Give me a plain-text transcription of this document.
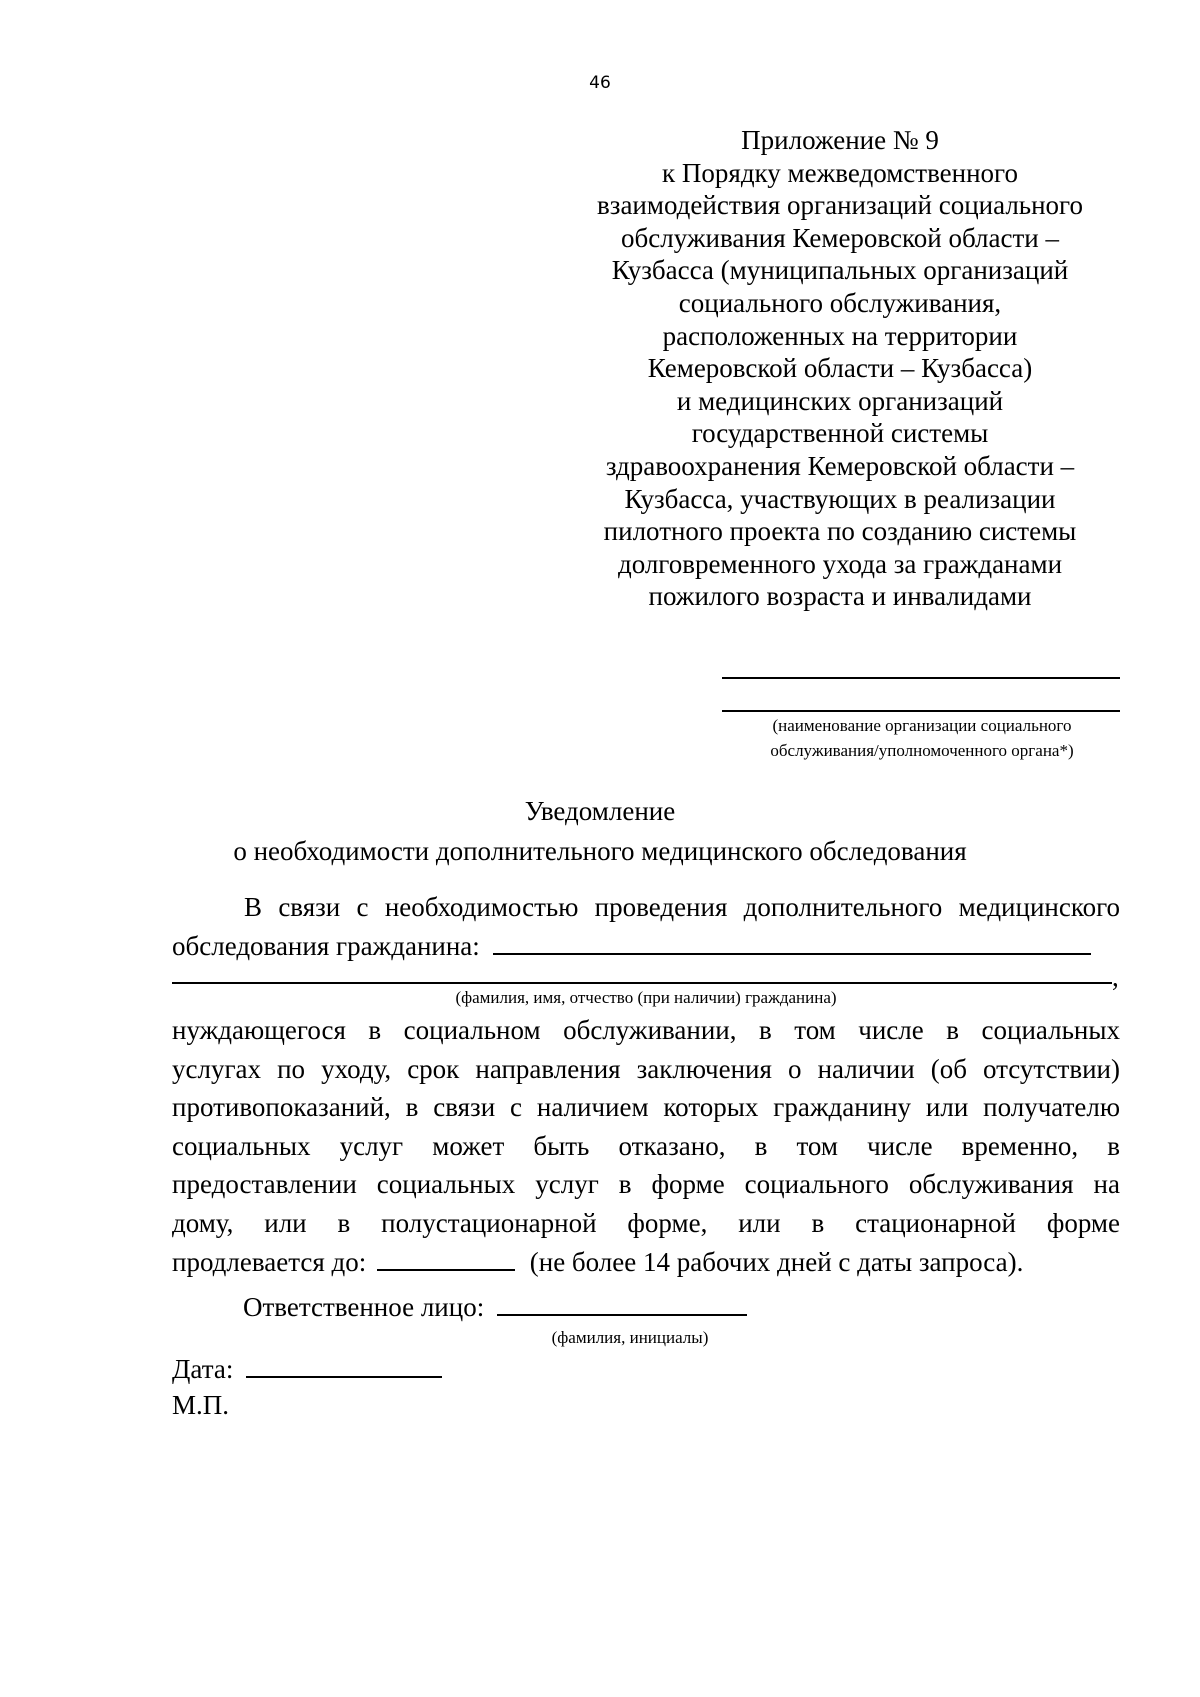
46
Приложение № 9
к Порядку межведомственного
взаимодействия организаций социального
обслуживания Кемеровской области –
Кузбасса (муниципальных организаций
социального обслуживания,
расположенных на территории
Кемеровской области – Кузбасса)
и медицинских организаций
государственной системы
здравоохранения Кемеровской области –
Кузбасса, участвующих в реализации
пилотного проекта по созданию системы
долговременного ухода за гражданами
пожилого возраста и инвалидами
(наименование организации социального
обслуживания/уполномоченного органа*)
Уведомление
о необходимости дополнительного медицинского обследования
В связи с необходимостью проведения дополнительного медицинского
обследования гражданина:
,
(фамилия, имя, отчество (при наличии) гражданина)
нуждающегося в социальном обслуживании, в том числе в социальных
услугах по уходу, срок направления заключения о наличии (об отсутствии)
противопоказаний, в связи с наличием которых гражданину или получателю
социальных услуг может быть отказано, в том числе временно, в
предоставлении социальных услуг в форме социального обслуживания на
дому, или в полустационарной форме, или в стационарной форме
продлевается до:	(не более 14 рабочих дней с даты запроса).
Ответственное лицо:
(фамилия, инициалы)
Дата:
М.П.
